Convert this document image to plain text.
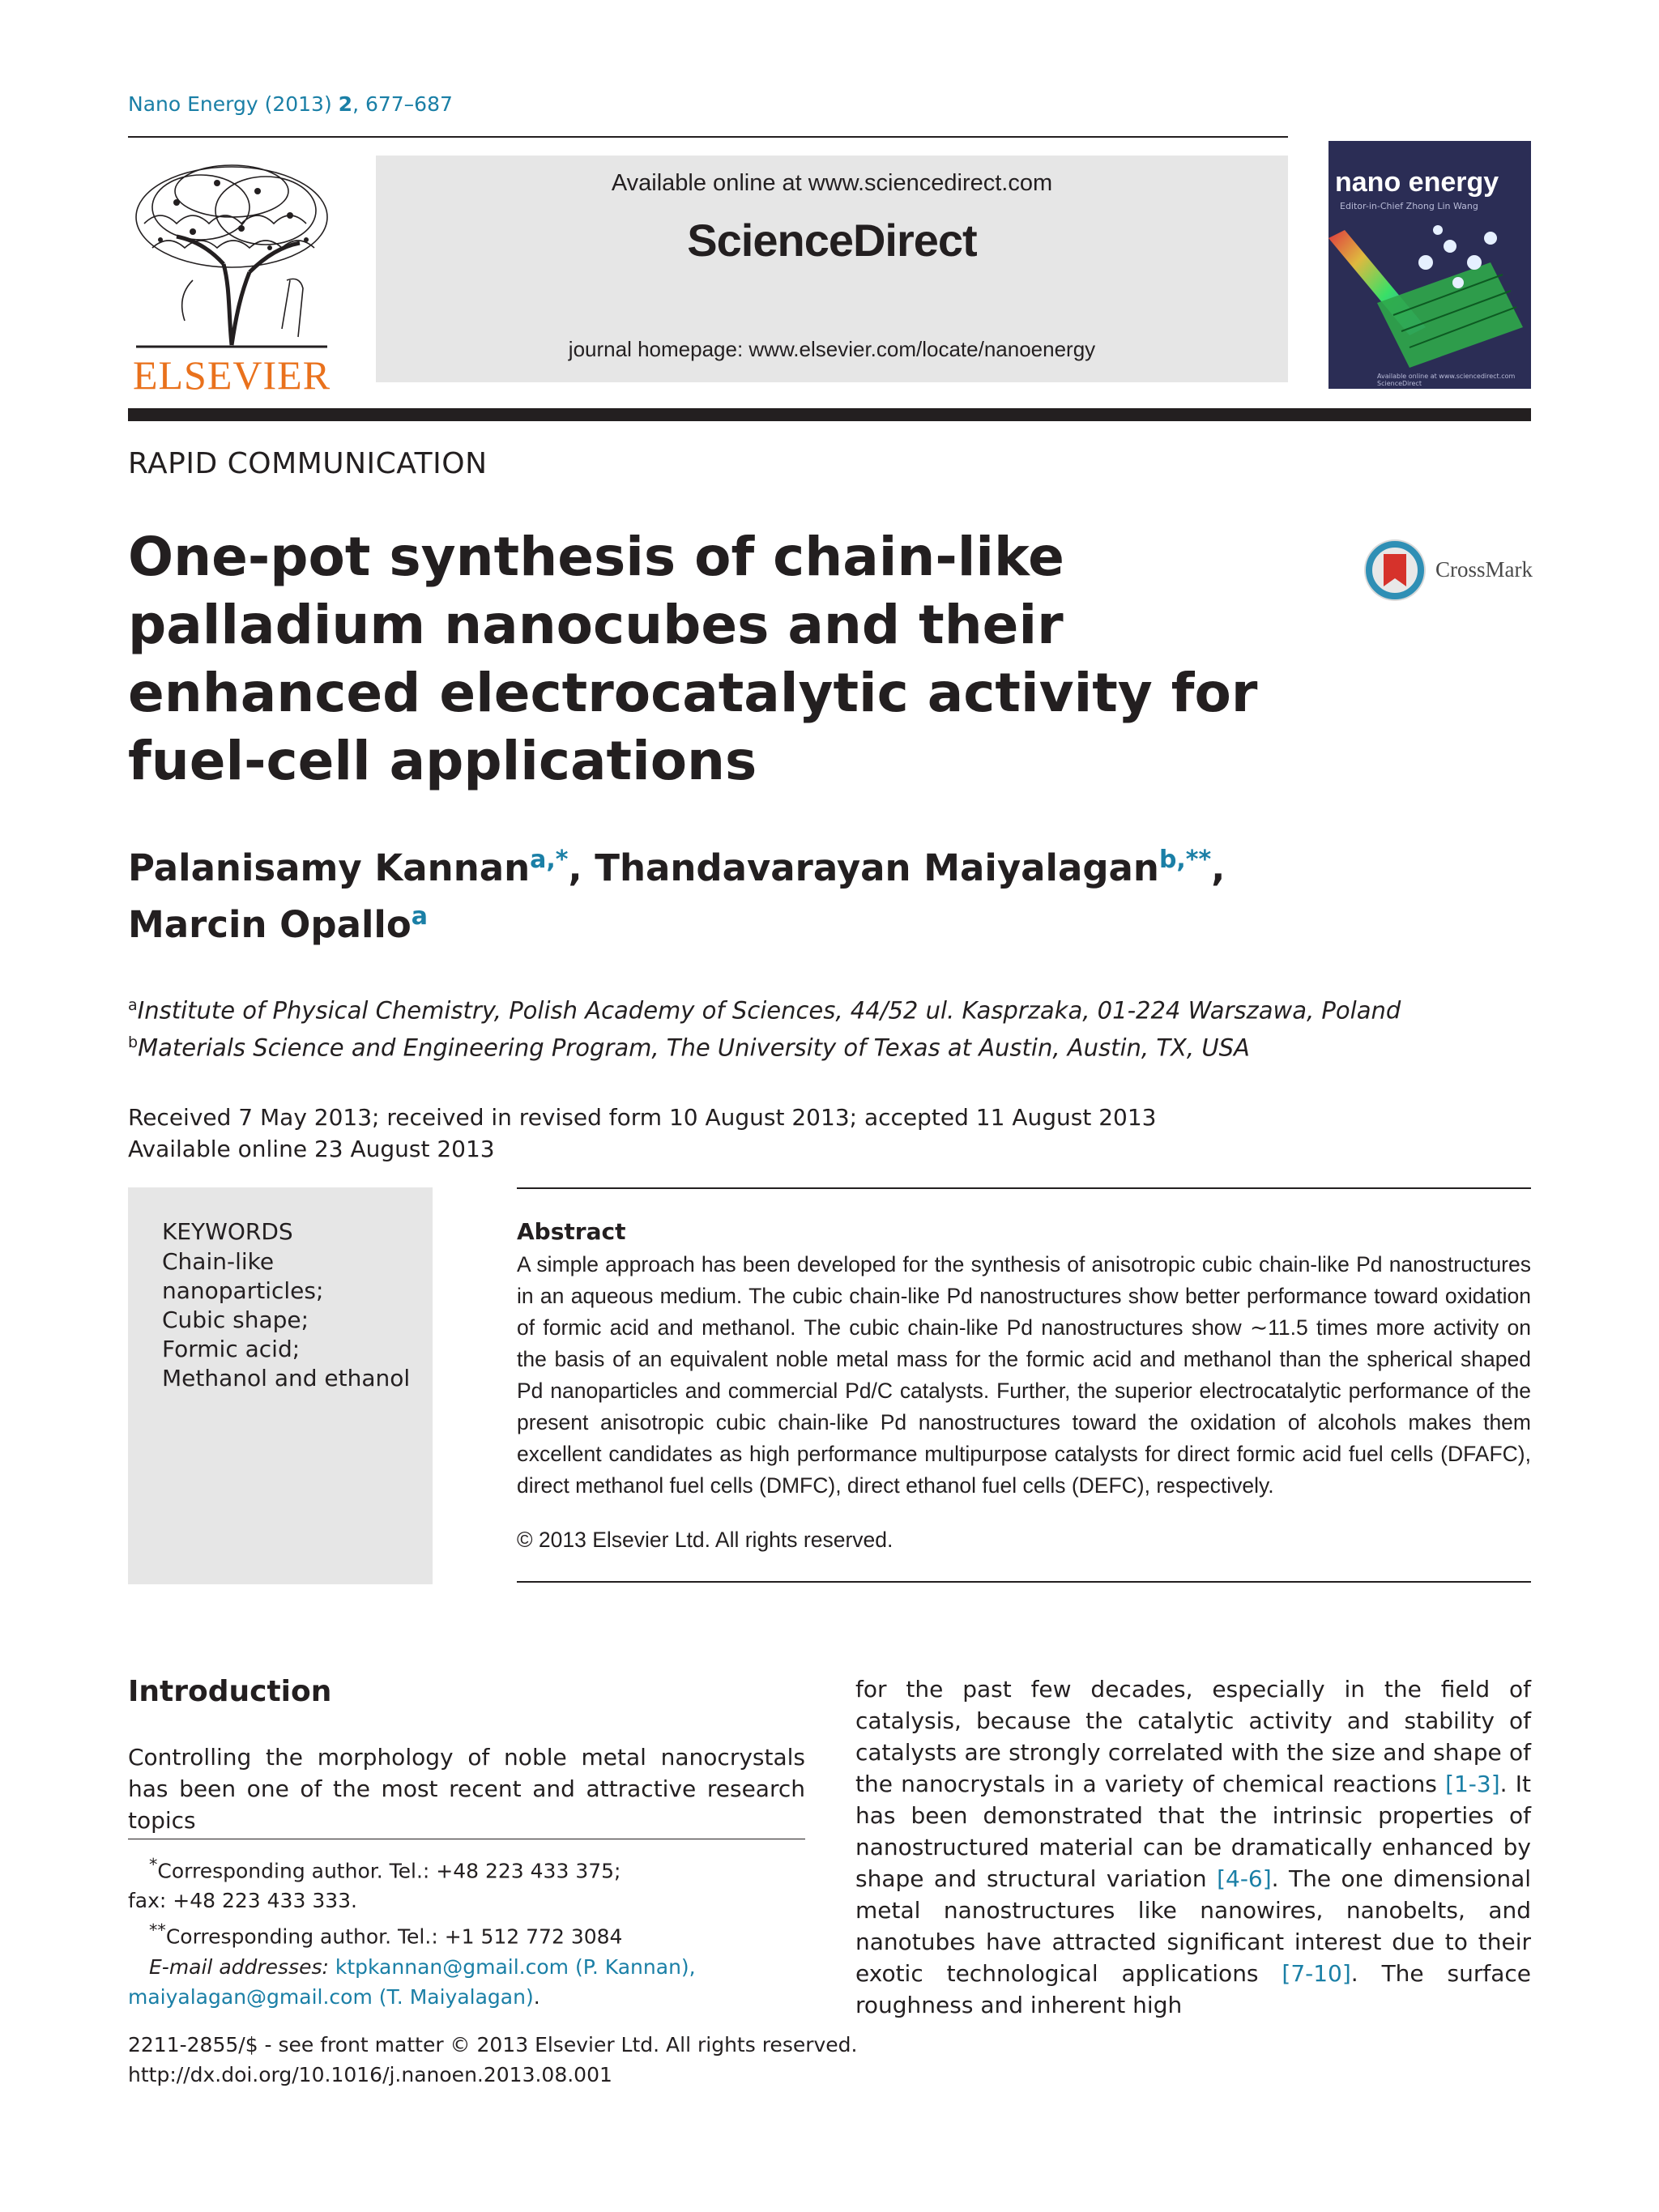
Nano Energy (2013) 2, 677–687
ELSEVIER
Available online at www.sciencedirect.com
ScienceDirect
journal homepage: www.elsevier.com/locate/nanoenergy
nano energy
Editor-in-Chief Zhong Lin Wang
Available online at www.sciencedirect.com ScienceDirect
RAPID COMMUNICATION
One-pot synthesis of chain-like palladium nanocubes and their enhanced electrocatalytic activity for fuel-cell applications
CrossMark
Palanisamy Kannan$^{a,*}$, Thandavarayan Maiyalagan$^{b,**}$,
Marcin Opallo$^a$
$^a$Institute of Physical Chemistry, Polish Academy of Sciences, 44/52 ul. Kasprzaka, 01-224 Warszawa, Poland
$^b$Materials Science and Engineering Program, The University of Texas at Austin, Austin, TX, USA
Received 7 May 2013; received in revised form 10 August 2013; accepted 11 August 2013
Available online 23 August 2013
KEYWORDS
Chain-like
nanoparticles;
Cubic shape;
Formic acid;
Methanol and ethanol
Abstract
A simple approach has been developed for the synthesis of anisotropic cubic chain-like Pd nanostructures in an aqueous medium. The cubic chain-like Pd nanostructures show better performance toward oxidation of formic acid and methanol. The cubic chain-like Pd nanostructures show ∼11.5 times more activity on the basis of an equivalent noble metal mass for the formic acid and methanol than the spherical shaped Pd nanoparticles and commercial Pd/C catalysts. Further, the superior electrocatalytic performance of the present anisotropic cubic chain-like Pd nanostructures toward the oxidation of alcohols makes them excellent candidates as high performance multipurpose catalysts for direct formic acid fuel cells (DFAFC), direct methanol fuel cells (DMFC), direct ethanol fuel cells (DEFC), respectively.
© 2013 Elsevier Ltd. All rights reserved.
Introduction
Controlling the morphology of noble metal nanocrystals has been one of the most recent and attractive research topics
for the past few decades, especially in the field of catalysis, because the catalytic activity and stability of catalysts are strongly correlated with the size and shape of the nanocrystals in a variety of chemical reactions [1-3]. It has been demonstrated that the intrinsic properties of nanostructured material can be dramatically enhanced by shape and structural variation [4-6]. The one dimensional metal nanostructures like nanowires, nanobelts, and nanotubes have attracted significant interest due to their exotic technological applications [7-10]. The surface roughness and inherent high
*Corresponding author. Tel.: +48 223 433 375;
fax: +48 223 433 333.
**Corresponding author. Tel.: +1 512 772 3084
E-mail addresses: ktpkannan@gmail.com (P. Kannan),
maiyalagan@gmail.com (T. Maiyalagan).
2211-2855/$ - see front matter © 2013 Elsevier Ltd. All rights reserved.
http://dx.doi.org/10.1016/j.nanoen.2013.08.001
